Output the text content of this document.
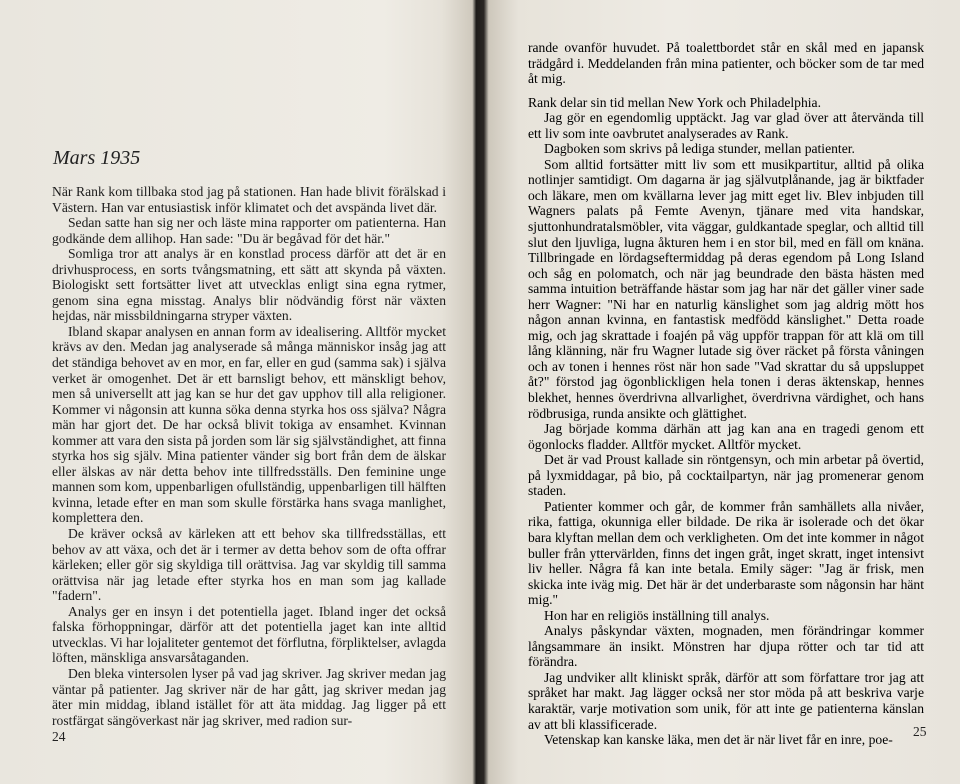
Mars 1935

När Rank kom tillbaka stod jag på stationen. Han hade blivit förälskad i Västern. Han var entusiastisk inför klimatet och det avspända livet där.

Sedan satte han sig ner och läste mina rapporter om patienterna. Han godkände dem allihop. Han sade: "Du är begåvad för det här."

Somliga tror att analys är en konstlad process därför att det är en drivhusprocess, en sorts tvångsmatning, ett sätt att skynda på växten. Biologiskt sett fortsätter livet att utvecklas enligt sina egna rytmer, genom sina egna misstag. Analys blir nödvändig först när växten hejdas, när missbildningarna stryper växten.

Ibland skapar analysen en annan form av idealisering. Alltför mycket krävs av den. Medan jag analyserade så många människor insåg jag att det ständiga behovet av en mor, en far, eller en gud (samma sak) i själva verket är omogenhet. Det är ett barnsligt behov, ett mänskligt behov, men så universellt att jag kan se hur det gav upphov till alla religioner. Kommer vi någonsin att kunna söka denna styrka hos oss själva? Några män har gjort det. De har också blivit tokiga av ensamhet. Kvinnan kommer att vara den sista på jorden som lär sig självständighet, att finna styrka hos sig själv. Mina patienter vänder sig bort från dem de älskar eller älskas av när detta behov inte tillfredsställs. Den feminine unge mannen som kom, uppenbarligen ofullständig, uppenbarligen till hälften kvinna, letade efter en man som skulle förstärka hans svaga manlighet, komplettera den.

De kräver också av kärleken att ett behov ska tillfredsställas, ett behov av att växa, och det är i termer av detta behov som de ofta offrar kärleken; eller gör sig skyldiga till orättvisa. Jag var skyldig till samma orättvisa när jag letade efter styrka hos en man som jag kallade "fadern".

Analys ger en insyn i det potentiella jaget. Ibland inger det också falska förhoppningar, därför att det potentiella jaget kan inte alltid utvecklas. Vi har lojaliteter gentemot det förflutna, förpliktelser, avlagda löften, mänskliga ansvarsåtaganden.

Den bleka vintersolen lyser på vad jag skriver. Jag skriver medan jag väntar på patienter. Jag skriver när de har gått, jag skriver medan jag äter min middag, ibland istället för att äta middag. Jag ligger på ett rostfärgat sängöverkast när jag skriver, med radion sur-

24

rande ovanför huvudet. På toalettbordet står en skål med en japansk trädgård i. Meddelanden från mina patienter, och böcker som de tar med åt mig.

Rank delar sin tid mellan New York och Philadelphia.

Jag gör en egendomlig upptäckt. Jag var glad över att återvända till ett liv som inte oavbrutet analyserades av Rank.

Dagboken som skrivs på lediga stunder, mellan patienter.

Som alltid fortsätter mitt liv som ett musikpartitur, alltid på olika notlinjer samtidigt. Om dagarna är jag självutplånande, jag är biktfader och läkare, men om kvällarna lever jag mitt eget liv. Blev inbjuden till Wagners palats på Femte Avenyn, tjänare med vita handskar, sjuttonhundratalsmöbler, vita väggar, guldkantade speglar, och alltid till slut den ljuvliga, lugna åkturen hem i en stor bil, med en fäll om knäna. Tillbringade en lördagseftermiddag på deras egendom på Long Island och såg en polomatch, och när jag beundrade den bästa hästen med samma intuition beträffande hästar som jag har när det gäller viner sade herr Wagner: "Ni har en naturlig känslighet som jag aldrig mött hos någon annan kvinna, en fantastisk medfödd känslighet." Detta roade mig, och jag skrattade i foajén på väg uppför trappan för att klä om till lång klänning, när fru Wagner lutade sig över räcket på första våningen och av tonen i hennes röst när hon sade "Vad skrattar du så uppsluppet åt?" förstod jag ögonblickligen hela tonen i deras äktenskap, hennes blekhet, hennes överdrivna allvarlighet, överdrivna värdighet, och hans rödbrusiga, runda ansikte och glättighet.

Jag började komma därhän att jag kan ana en tragedi genom ett ögonlocks fladder. Alltför mycket. Alltför mycket.

Det är vad Proust kallade sin röntgensyn, och min arbetar på övertid, på lyxmiddagar, på bio, på cocktailpartyn, när jag promenerar genom staden.

Patienter kommer och går, de kommer från samhällets alla nivåer, rika, fattiga, okunniga eller bildade. De rika är isolerade och det ökar bara klyftan mellan dem och verkligheten. Om det inte kommer in något buller från yttervärlden, finns det ingen gråt, inget skratt, inget intensivt liv heller. Några få kan inte betala. Emily säger: "Jag är frisk, men skicka inte iväg mig. Det här är det underbaraste som någonsin har hänt mig."

Hon har en religiös inställning till analys.

Analys påskyndar växten, mognaden, men förändringar kommer långsammare än insikt. Mönstren har djupa rötter och tar tid att förändra.

Jag undviker allt kliniskt språk, därför att som författare tror jag att språket har makt. Jag lägger också ner stor möda på att beskriva varje karaktär, varje motivation som unik, för att inte ge patienterna känslan av att bli klassificerade.

Vetenskap kan kanske läka, men det är när livet får en inre, poe-

25
